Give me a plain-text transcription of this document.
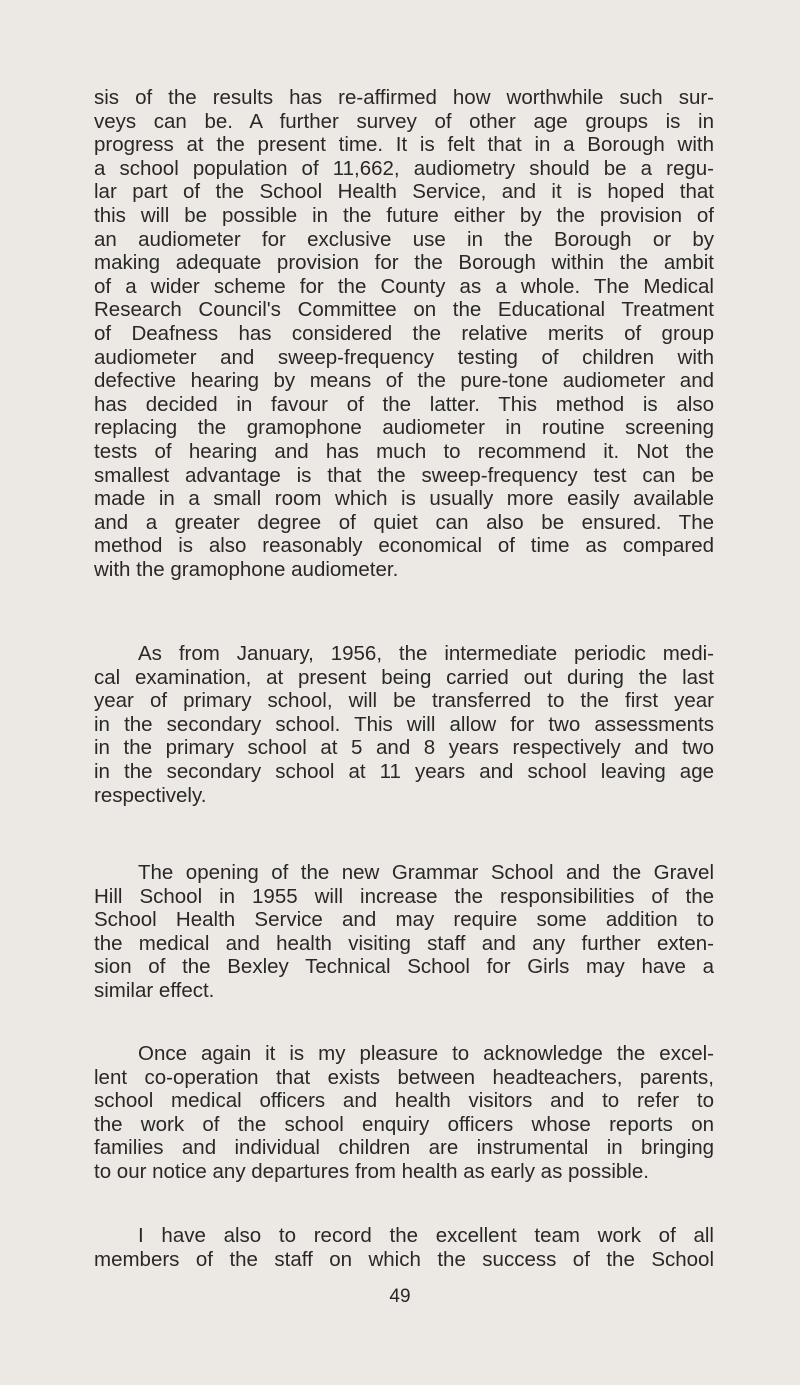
sis of the results has re-affirmed how worthwhile such sur-
veys can be. A further survey of other age groups is in
progress at the present time. It is felt that in a Borough with
a school population of 11,662, audiometry should be a regu-
lar part of the School Health Service, and it is hoped that
this will be possible in the future either by the provision of
an audiometer for exclusive use in the Borough or by
making adequate provision for the Borough within the ambit
of a wider scheme for the County as a whole. The Medical
Research Council's Committee on the Educational Treatment
of Deafness has considered the relative merits of group
audiometer and sweep-frequency testing of children with
defective hearing by means of the pure-tone audiometer and
has decided in favour of the latter. This method is also
replacing the gramophone audiometer in routine screening
tests of hearing and has much to recommend it. Not the
smallest advantage is that the sweep-frequency test can be
made in a small room which is usually more easily available
and a greater degree of quiet can also be ensured. The
method is also reasonably economical of time as compared
with the gramophone audiometer.
As from January, 1956, the intermediate periodic medi-
cal examination, at present being carried out during the last
year of primary school, will be transferred to the first year
in the secondary school. This will allow for two assessments
in the primary school at 5 and 8 years respectively and two
in the secondary school at 11 years and school leaving age
respectively.
The opening of the new Grammar School and the Gravel
Hill School in 1955 will increase the responsibilities of the
School Health Service and may require some addition to
the medical and health visiting staff and any further exten-
sion of the Bexley Technical School for Girls may have a
similar effect.
Once again it is my pleasure to acknowledge the excel-
lent co-operation that exists between headteachers, parents,
school medical officers and health visitors and to refer to
the work of the school enquiry officers whose reports on
families and individual children are instrumental in bringing
to our notice any departures from health as early as possible.
I have also to record the excellent team work of all
members of the staff on which the success of the School
49
